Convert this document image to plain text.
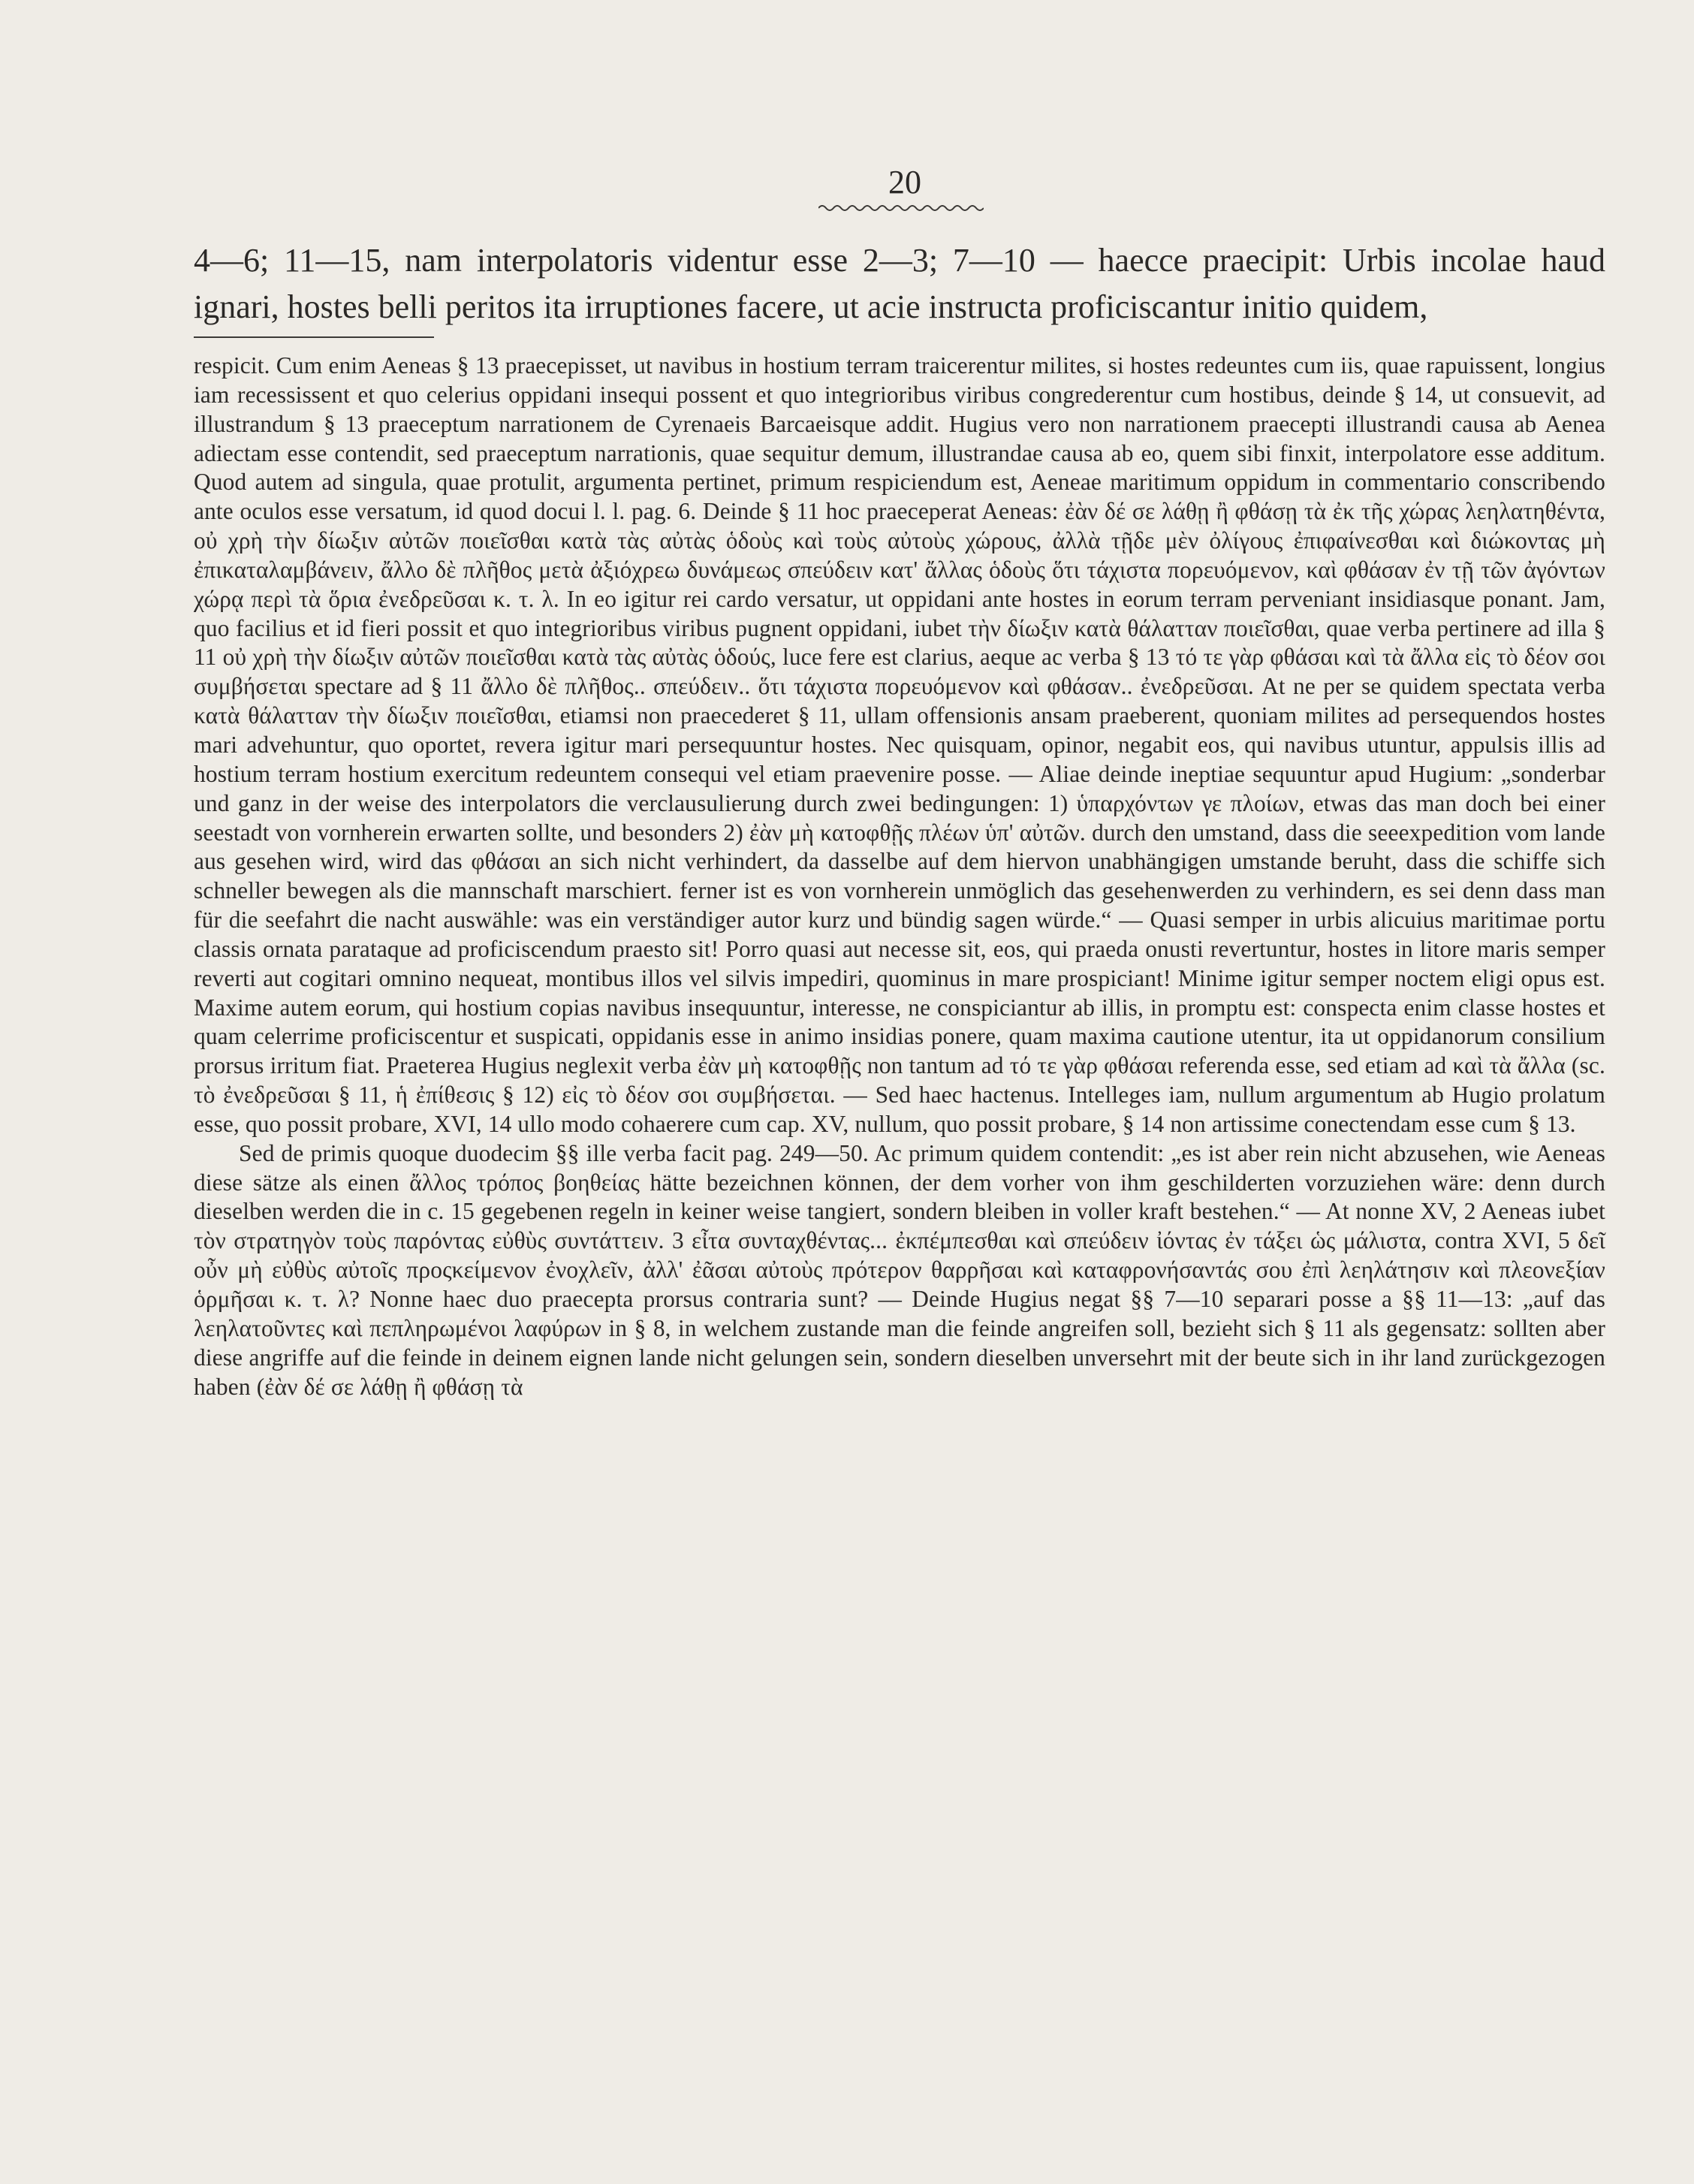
20
4—6; 11—15, nam interpolatoris videntur esse 2—3; 7—10 — haecce praecipit: Urbis incolae haud ignari, hostes belli peritos ita irruptiones facere, ut acie instructa proficiscantur initio quidem,

respicit. Cum enim Aeneas § 13 praecepisset, ut navibus in hostium terram traicerentur milites, si hostes redeuntes cum iis, quae rapuissent, longius iam recessissent et quo celerius oppidani insequi possent et quo integrioribus viribus congrederentur cum hostibus, deinde § 14, ut consuevit, ad illustrandum § 13 praeceptum narrationem de Cyrenaeis Barcaeisque addit. Hugius vero non narrationem praecepti illustrandi causa ab Aenea adiectam esse contendit, sed praeceptum narrationis, quae sequitur demum, illustrandae causa ab eo, quem sibi finxit, interpolatore esse additum. Quod autem ad singula, quae protulit, argumenta pertinet, primum respiciendum est, Aeneae maritimum oppidum in commentario conscribendo ante oculos esse versatum, id quod docui l. l. pag. 6. Deinde § 11 hoc praeceperat Aeneas: ἐὰν δέ σε λάθῃ ἢ φθάσῃ τὰ ἐκ τῆς χώρας λεηλατηθέντα, οὐ χρὴ τὴν δίωξιν αὐτῶν ποιεῖσθαι κατὰ τὰς αὐτὰς ὁδοὺς καὶ τοὺς αὐτοὺς χώρους, ἀλλὰ τῇδε μὲν ὀλίγους ἐπιφαίνεσθαι καὶ διώκοντας μὴ ἐπικαταλαμβάνειν, ἄλλο δὲ πλῆθος μετὰ ἀξιόχρεω δυνάμεως σπεύδειν κατ' ἄλλας ὁδοὺς ὅτι τάχιστα πορευόμενον, καὶ φθάσαν ἐν τῇ τῶν ἀγόντων χώρᾳ περὶ τὰ ὅρια ἐνεδρεῦσαι κ. τ. λ. In eo igitur rei cardo versatur, ut oppidani ante hostes in eorum terram perveniant insidiasque ponant. Jam, quo facilius et id fieri possit et quo integrioribus viribus pugnent oppidani, iubet τὴν δίωξιν κατὰ θάλατταν ποιεῖσθαι, quae verba pertinere ad illa § 11 οὐ χρὴ τὴν δίωξιν αὐτῶν ποιεῖσθαι κατὰ τὰς αὐτὰς ὁδούς, luce fere est clarius, aeque ac verba § 13 τό τε γὰρ φθάσαι καὶ τὰ ἄλλα εἰς τὸ δέον σοι συμβήσεται spectare ad § 11 ἄλλο δὲ πλῆθος.. σπεύδειν.. ὅτι τάχιστα πορευόμενον καὶ φθάσαν.. ἐνεδρεῦσαι. At ne per se quidem spectata verba κατὰ θάλατταν τὴν δίωξιν ποιεῖσθαι, etiamsi non praecederet § 11, ullam offensionis ansam praeberent, quoniam milites ad persequendos hostes mari advehuntur, quo oportet, revera igitur mari persequuntur hostes. Nec quisquam, opinor, negabit eos, qui navibus utuntur, appulsis illis ad hostium terram hostium exercitum redeuntem consequi vel etiam praevenire posse. — Aliae deinde ineptiae sequuntur apud Hugium: „sonderbar und ganz in der weise des interpolators die verclausulierung durch zwei bedingungen: 1) ὑπαρχόντων γε πλοίων, etwas das man doch bei einer seestadt von vornherein erwarten sollte, und besonders 2) ἐὰν μὴ κατοφθῇς πλέων ὑπ' αὐτῶν. durch den umstand, dass die seeexpedition vom lande aus gesehen wird, wird das φθάσαι an sich nicht verhindert, da dasselbe auf dem hiervon unabhängigen umstande beruht, dass die schiffe sich schneller bewegen als die mannschaft marschiert. ferner ist es von vornherein unmöglich das gesehenwerden zu verhindern, es sei denn dass man für die seefahrt die nacht auswähle: was ein verständiger autor kurz und bündig sagen würde.“ — Quasi semper in urbis alicuius maritimae portu classis ornata parataque ad proficiscendum praesto sit! Porro quasi aut necesse sit, eos, qui praeda onusti revertuntur, hostes in litore maris semper reverti aut cogitari omnino nequeat, montibus illos vel silvis impediri, quominus in mare prospiciant! Minime igitur semper noctem eligi opus est. Maxime autem eorum, qui hostium copias navibus insequuntur, interesse, ne conspiciantur ab illis, in promptu est: conspecta enim classe hostes et quam celerrime proficiscentur et suspicati, oppidanis esse in animo insidias ponere, quam maxima cautione utentur, ita ut oppidanorum consilium prorsus irritum fiat. Praeterea Hugius neglexit verba ἐὰν μὴ κατοφθῇς non tantum ad τό τε γὰρ φθάσαι referenda esse, sed etiam ad καὶ τὰ ἄλλα (sc. τὸ ἐνεδρεῦσαι § 11, ἡ ἐπίθεσις § 12) εἰς τὸ δέον σοι συμβήσεται. — Sed haec hactenus. Intelleges iam, nullum argumentum ab Hugio prolatum esse, quo possit probare, XVI, 14 ullo modo cohaerere cum cap. XV, nullum, quo possit probare, § 14 non artissime conectendam esse cum § 13.

Sed de primis quoque duodecim §§ ille verba facit pag. 249—50. Ac primum quidem contendit: „es ist aber rein nicht abzusehen, wie Aeneas diese sätze als einen ἄλλος τρόπος βοηθείας hätte bezeichnen können, der dem vorher von ihm geschilderten vorzuziehen wäre: denn durch dieselben werden die in c. 15 gegebenen regeln in keiner weise tangiert, sondern bleiben in voller kraft bestehen.“ — At nonne XV, 2 Aeneas iubet τὸν στρατηγὸν τοὺς παρόντας εὐθὺς συντάττειν. 3 εἶτα συνταχθέντας... ἐκπέμπεσθαι καὶ σπεύδειν ἰόντας ἐν τάξει ὡς μάλιστα, contra XVI, 5 δεῖ οὖν μὴ εὐθὺς αὐτοῖς προςκείμενον ἐνοχλεῖν, ἀλλ' ἐᾶσαι αὐτοὺς πρότερον θαρρῆσαι καὶ καταφρονήσαντάς σου ἐπὶ λεηλάτησιν καὶ πλεονεξίαν ὁρμῆσαι κ. τ. λ? Nonne haec duo praecepta prorsus contraria sunt? — Deinde Hugius negat §§ 7—10 separari posse a §§ 11—13: „auf das λεηλατοῦντες καὶ πεπληρωμένοι λαφύρων in § 8, in welchem zustande man die feinde angreifen soll, bezieht sich § 11 als gegensatz: sollten aber diese angriffe auf die feinde in deinem eignen lande nicht gelungen sein, sondern dieselben unversehrt mit der beute sich in ihr land zurückgezogen haben (ἐὰν δέ σε λάθῃ ἢ φθάσῃ τὰ
